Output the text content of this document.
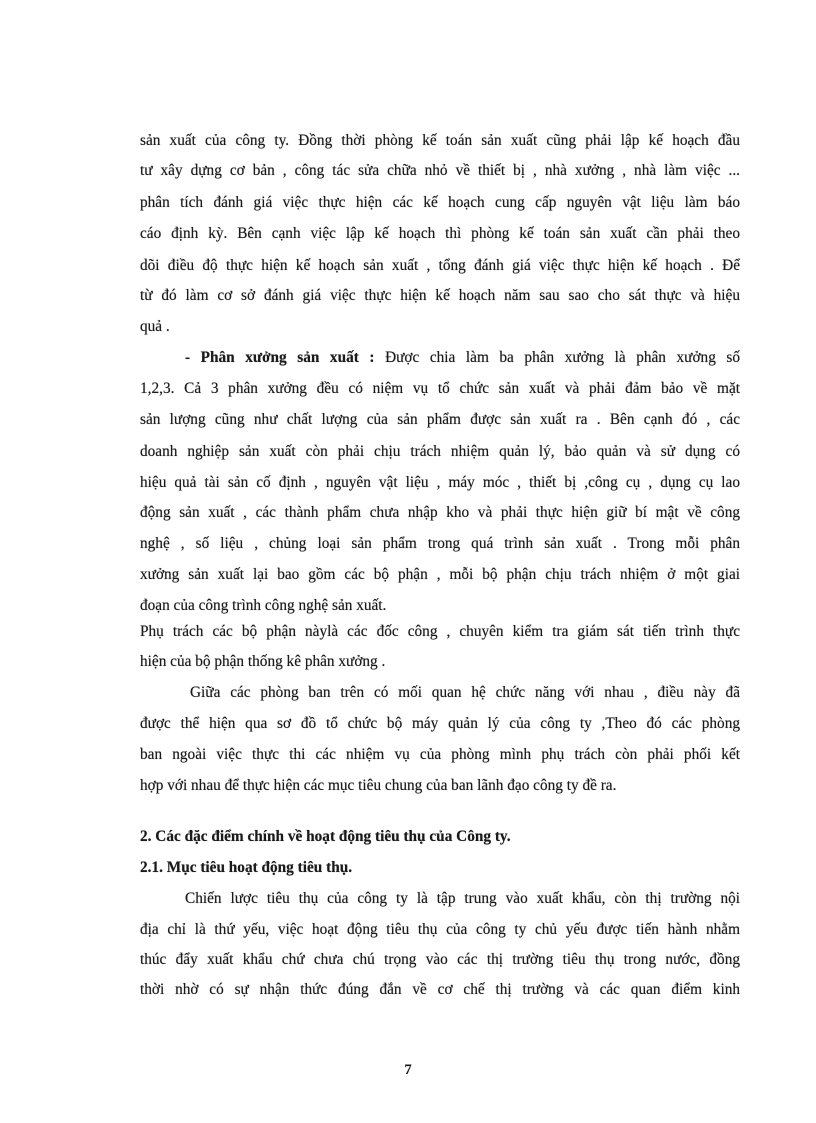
sản xuất của công ty. Đồng thời phòng kế toán sản xuất cũng phải lập kế hoạch đầu
tư xây dựng cơ bản , công tác sửa chữa nhỏ về thiết bị , nhà xưởng , nhà làm việc ...
phân tích đánh giá việc thực hiện các kế hoạch cung cấp nguyên vật liệu làm báo
cáo định kỳ. Bên cạnh việc lập kế hoạch thì phòng kế toán sản xuất cần phải theo
dõi điều độ thực hiện kế hoạch sản xuất , tổng đánh giá việc thực hiện kế hoạch . Để
từ đó làm cơ sở đánh giá việc thực hiện kế hoạch năm sau sao cho sát thực và hiệu
quả .
- Phân xưởng sản xuất : Được chia làm ba phân xưởng là phân xưởng số
1,2,3. Cả 3 phân xưởng đều có niệm vụ tổ chức sản xuất và phải đảm bảo về mặt
sản lượng cũng như chất lượng của sản phẩm được sản xuất ra . Bên cạnh đó , các
doanh nghiệp sản xuất còn phải chịu trách nhiệm quản lý, bảo quản và sử dụng có
hiệu quả tài sản cố định , nguyên vật liệu , máy móc , thiết bị ,công cụ , dụng cụ lao
động sản xuất , các thành phẩm chưa nhập kho và phải thực hiện giữ bí mật về công
nghệ , số liệu , chủng loại sản phẩm trong quá trình sản xuất . Trong mỗi phân
xưởng sản xuất lại bao gồm các bộ phận , mỗi bộ phận chịu trách nhiệm ở một giai
đoạn của công trình công nghệ sản xuất.
Phụ trách các bộ phận nàylà các đốc công , chuyên kiểm tra giám sát tiến trình thực
hiện của bộ phận thống kê phân xưởng .
Giữa các phòng ban trên có mối quan hệ chức năng với nhau , điều này đã
được thể hiện qua sơ đồ tổ chức bộ máy quản lý của công ty ,Theo đó các phòng
ban ngoài việc thực thi các nhiệm vụ của phòng mình phụ trách còn phải phối kết
hợp với nhau để thực hiện các mục tiêu chung của ban lãnh đạo công ty đề ra.
2. Các đặc điểm chính về hoạt động tiêu thụ của Công ty.
2.1. Mục tiêu hoạt động tiêu thụ.
Chiến lược tiêu thụ của công ty là tập trung vào xuất khẩu, còn thị trường nội
địa chỉ là thứ yếu, việc hoạt động tiêu thụ của công ty chủ yếu được tiến hành nhằm
thúc đẩy xuất khẩu chứ chưa chú trọng vào các thị trường tiêu thụ trong nước, đồng
thời nhờ có sự nhận thức đúng đắn về cơ chế thị trường và các quan điểm kinh
7
